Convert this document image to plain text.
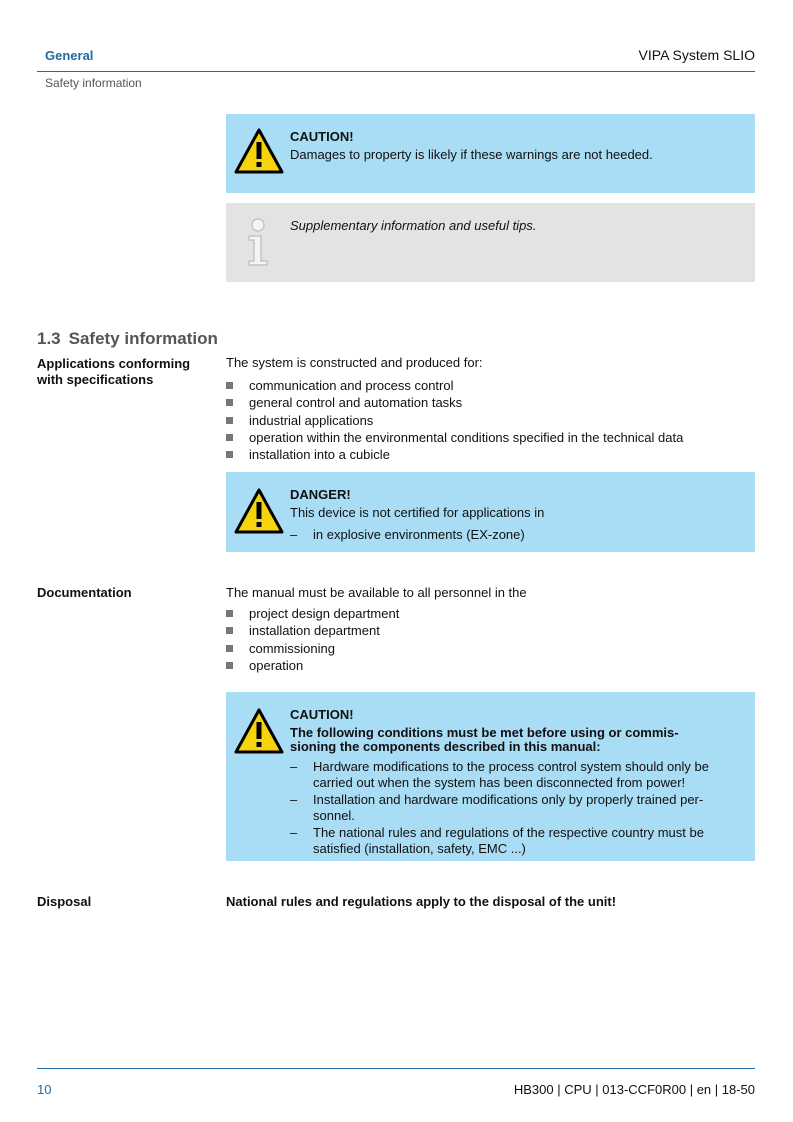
General	VIPA System SLIO
Safety information
CAUTION!
Damages to property is likely if these warnings are not heeded.
Supplementary information and useful tips.
1.3 Safety information
Applications conforming with specifications
The system is constructed and produced for:
communication and process control
general control and automation tasks
industrial applications
operation within the environmental conditions specified in the technical data
installation into a cubicle
DANGER!
This device is not certified for applications in
– in explosive environments (EX-zone)
Documentation	The manual must be available to all personnel in the
project design department
installation department
commissioning
operation
CAUTION!
The following conditions must be met before using or commis- sioning the components described in this manual:
– Hardware modifications to the process control system should only be carried out when the system has been disconnected from power!
– Installation and hardware modifications only by properly trained per- sonnel.
– The national rules and regulations of the respective country must be satisfied (installation, safety, EMC ...)
Disposal	National rules and regulations apply to the disposal of the unit!
10	HB300 | CPU | 013-CCF0R00 | en | 18-50
